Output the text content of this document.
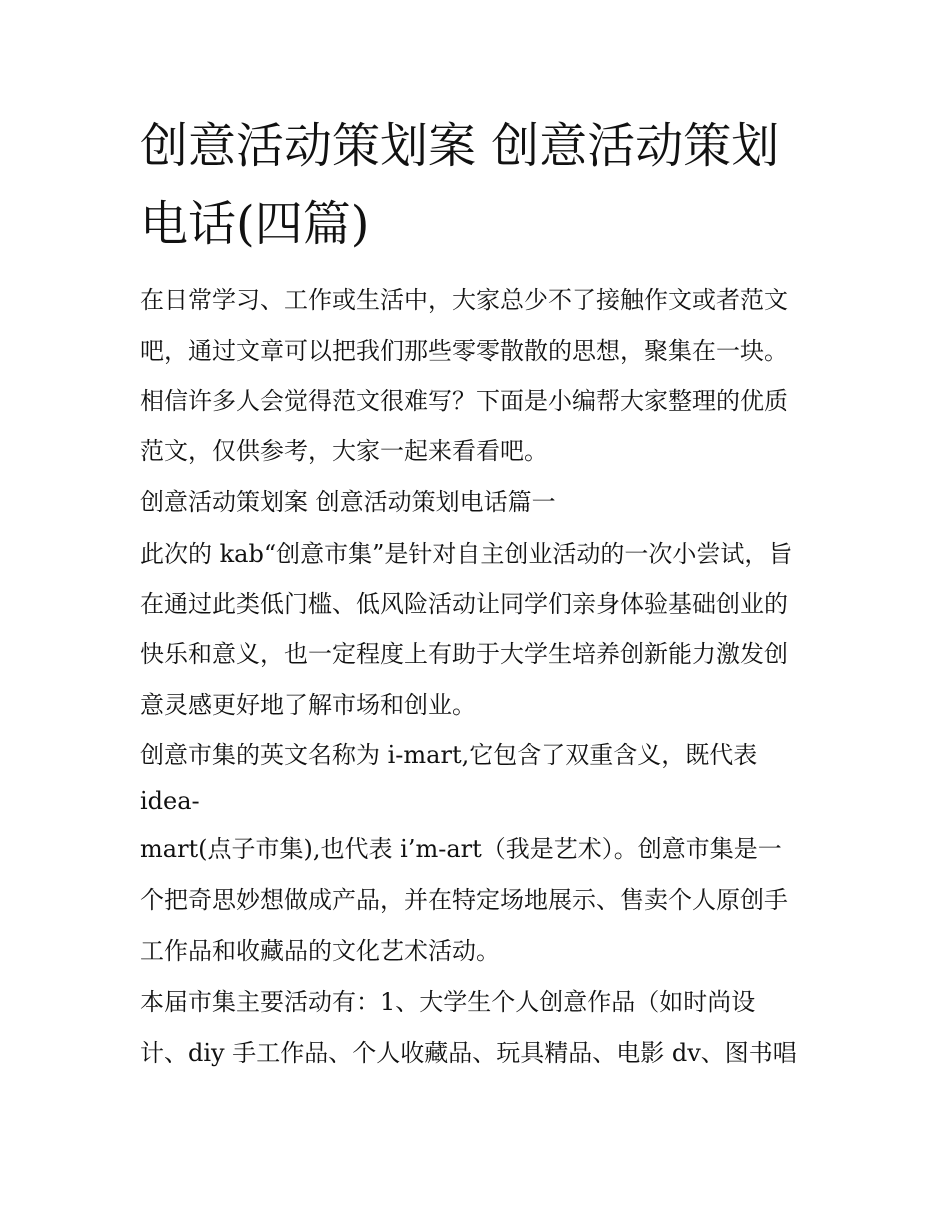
创意活动策划案 创意活动策划
电话(四篇)

在日常学习、工作或生活中，大家总少不了接触作文或者范文

吧，通过文章可以把我们那些零零散散的思想，聚集在一块。

相信许多人会觉得范文很难写？下面是小编帮大家整理的优质

范文，仅供参考，大家一起来看看吧。

创意活动策划案 创意活动策划电话篇一

此次的 kab“创意市集”是针对自主创业活动的一次小尝试，旨

在通过此类低门槛、低风险活动让同学们亲身体验基础创业的

快乐和意义，也一定程度上有助于大学生培养创新能力激发创

意灵感更好地了解市场和创业。

创意市集的英文名称为 i-mart,它包含了双重含义，既代表

idea-

mart(点子市集),也代表 i’m-art（我是艺术）。创意市集是一

个把奇思妙想做成产品，并在特定场地展示、售卖个人原创手

工作品和收藏品的文化艺术活动。

本届市集主要活动有：1、大学生个人创意作品（如时尚设

计、diy 手工作品、个人收藏品、玩具精品、电影 dv、图书唱
